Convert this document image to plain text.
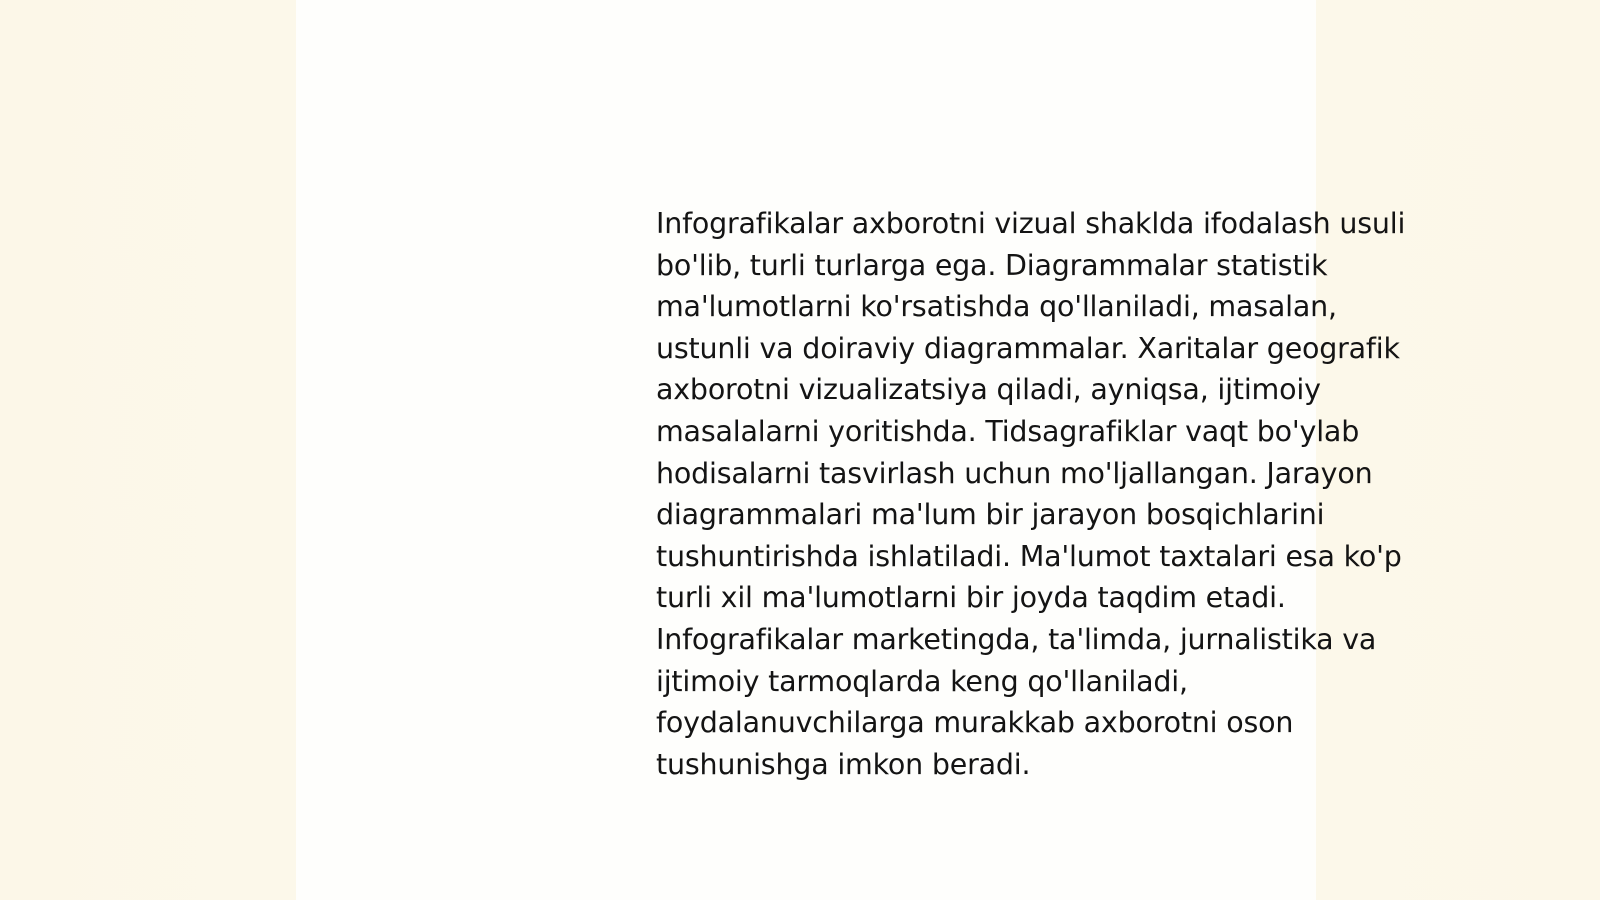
Infografikalar axborotni vizual shaklda ifodalash usuli
bo'lib, turli turlarga ega. Diagrammalar statistik
ma'lumotlarni ko'rsatishda qo'llaniladi, masalan,
ustunli va doiraviy diagrammalar. Xaritalar geografik
axborotni vizualizatsiya qiladi, ayniqsa, ijtimoiy
masalalarni yoritishda. Tidsagrafiklar vaqt bo'ylab
hodisalarni tasvirlash uchun mo'ljallangan. Jarayon
diagrammalari ma'lum bir jarayon bosqichlarini
tushuntirishda ishlatiladi. Ma'lumot taxtalari esa ko'p
turli xil ma'lumotlarni bir joyda taqdim etadi.
Infografikalar marketingda, ta'limda, jurnalistika va
ijtimoiy tarmoqlarda keng qo'llaniladi,
foydalanuvchilarga murakkab axborotni oson
tushunishga imkon beradi.
